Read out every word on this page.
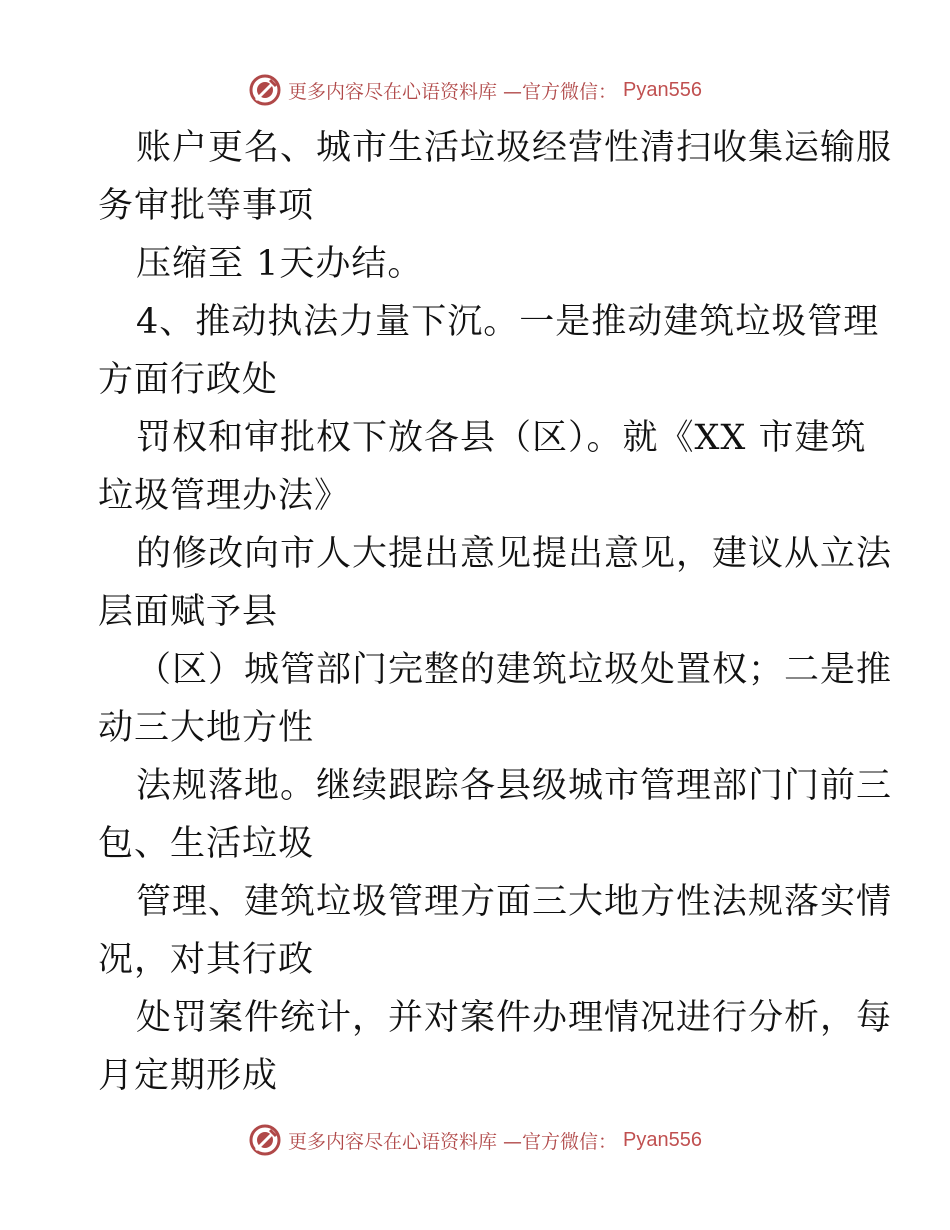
更多内容尽在心语资料库 —官方微信： Pyan556
账户更名、城市生活垃圾经营性清扫收集运输服
务审批等事项
压缩至 1天办结。
4、推动执法力量下沉。一是推动建筑垃圾管理
方面行政处
罚权和审批权下放各县（区）。就《XX 市建筑
垃圾管理办法》
的修改向市人大提出意见提出意见，建议从立法
层面赋予县
（区）城管部门完整的建筑垃圾处置权；二是推
动三大地方性
法规落地。继续跟踪各县级城市管理部门门前三
包、生活垃圾
管理、建筑垃圾管理方面三大地方性法规落实情
况，对其行政
处罚案件统计，并对案件办理情况进行分析，每
月定期形成
更多内容尽在心语资料库 —官方微信： Pyan556
